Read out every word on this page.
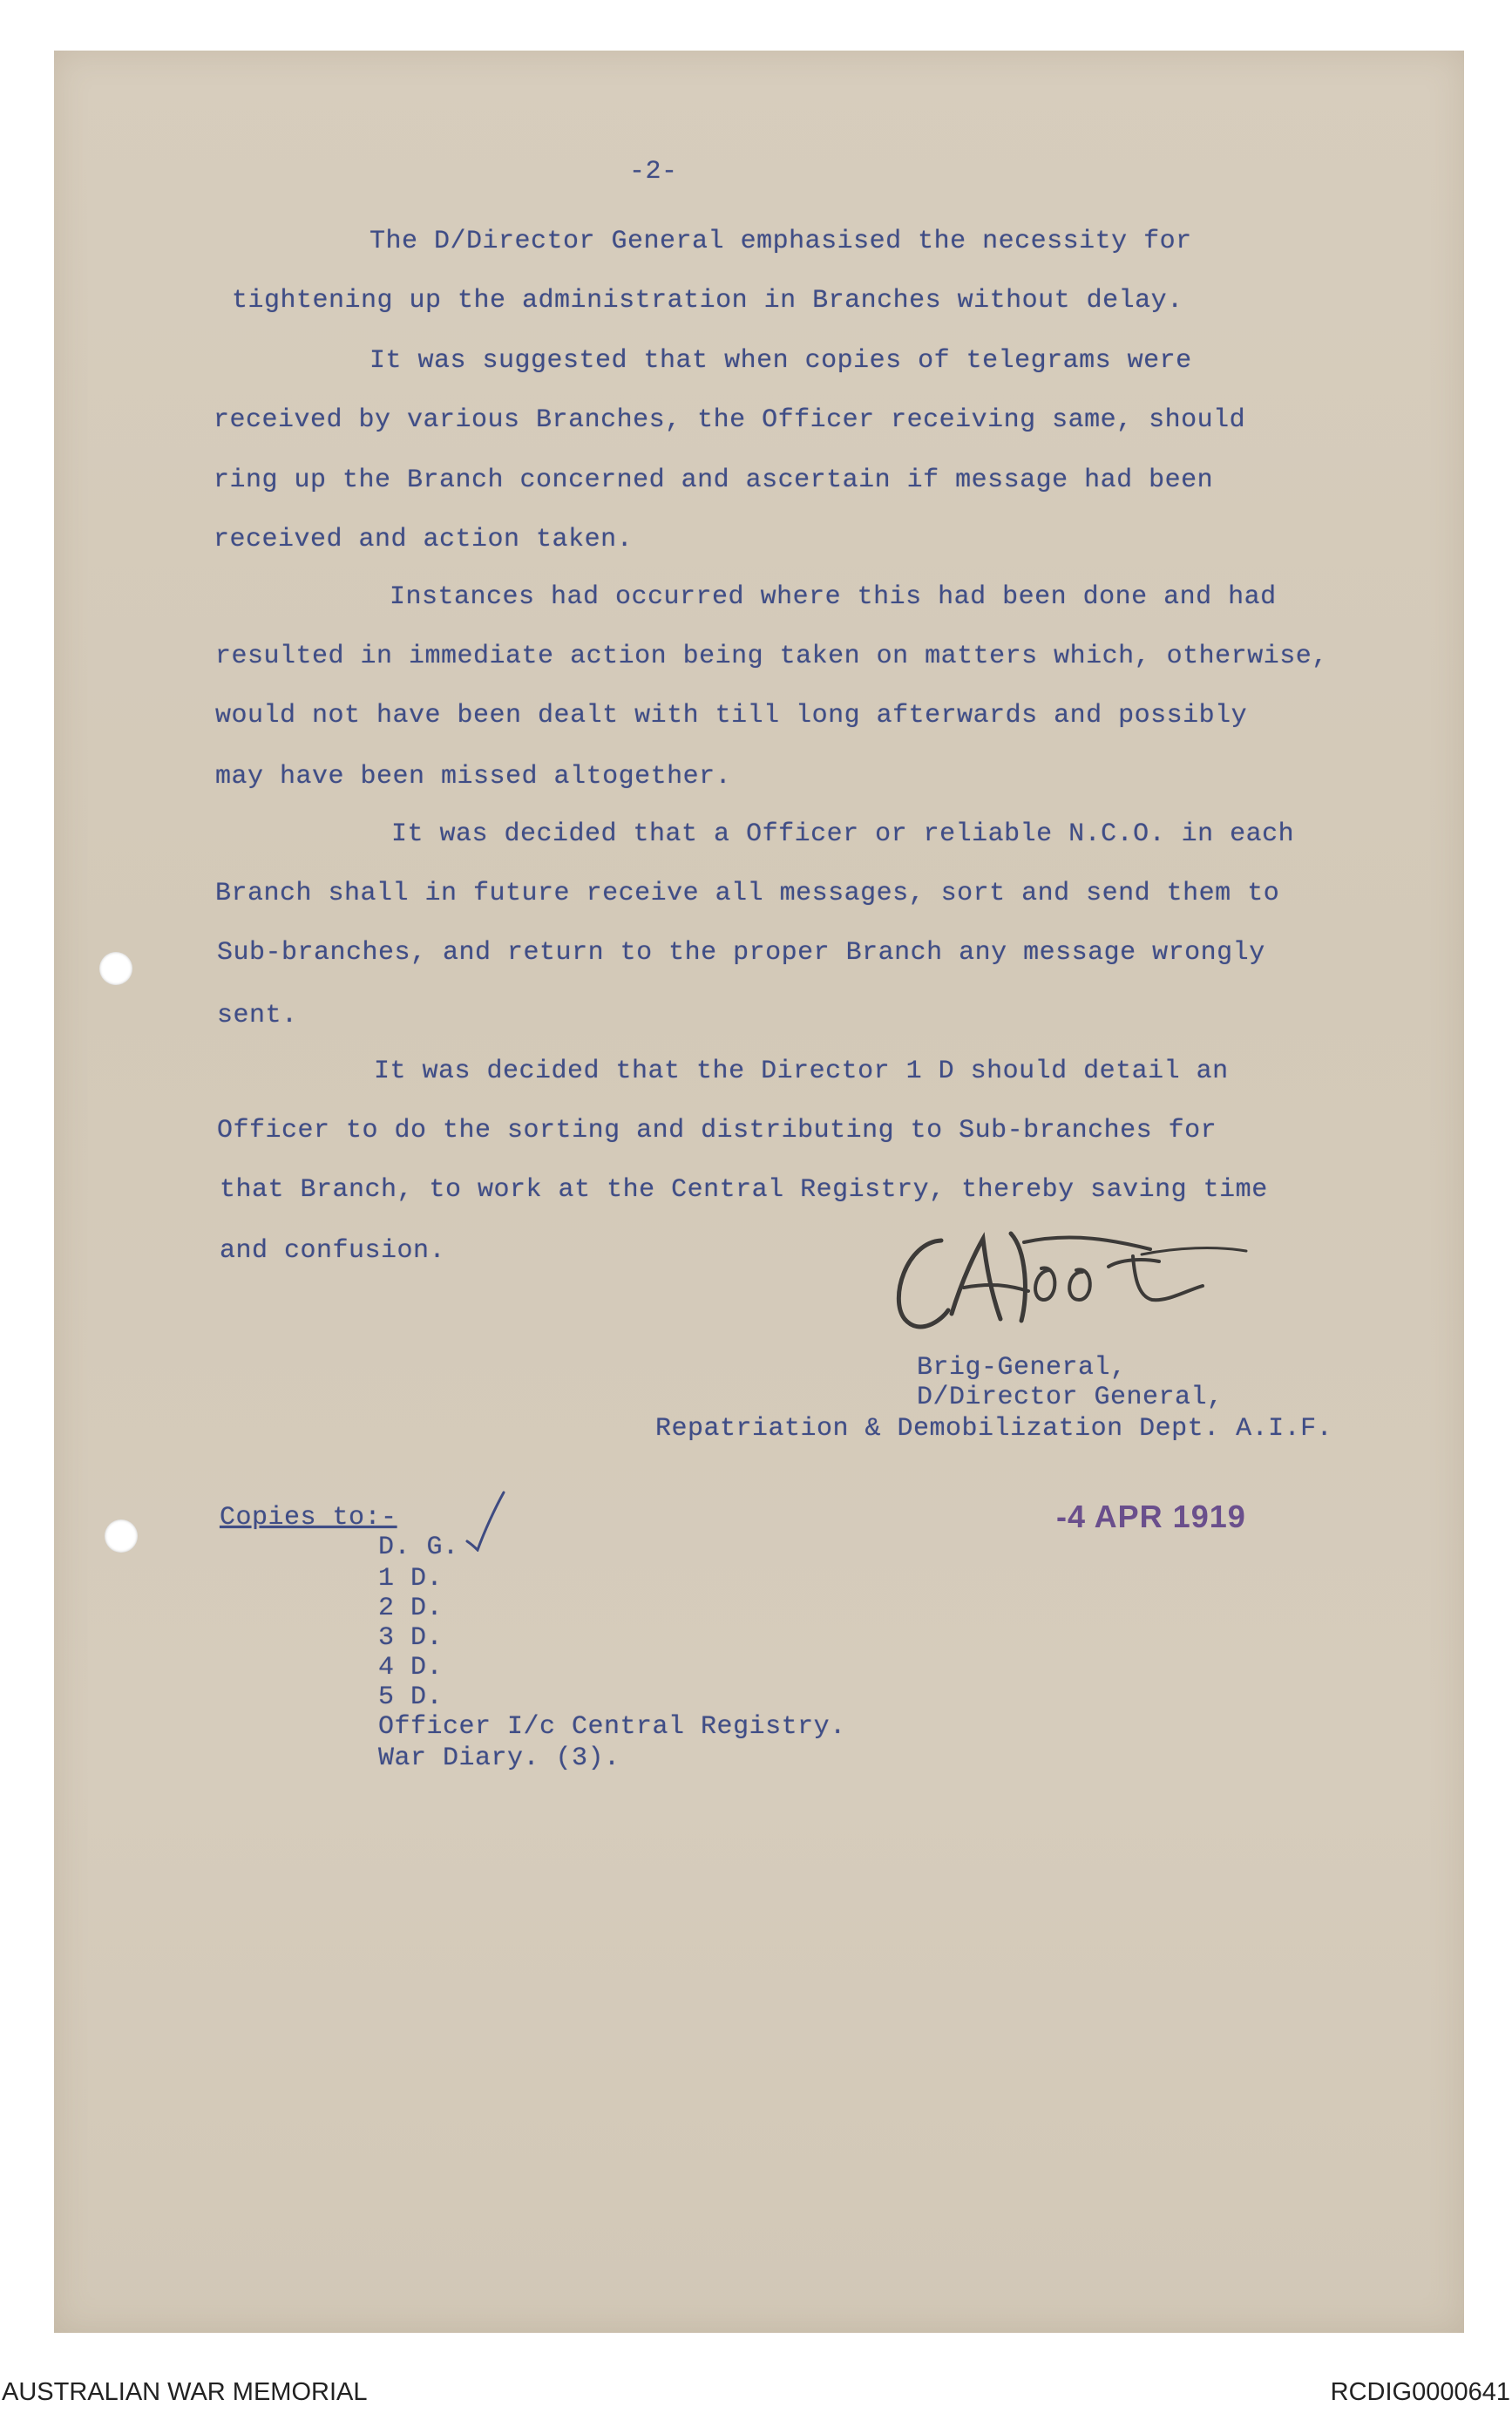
-2-
The D/Director General emphasised the necessity for
tightening up the administration in Branches without delay.
It was suggested that when copies of telegrams were
received by various Branches, the Officer receiving same, should
ring up the Branch concerned and ascertain if message had been
received and action taken.
Instances had occurred where this had been done and had
resulted in immediate action being taken on matters which, otherwise,
would not have been dealt with till long afterwards and possibly
may have been missed altogether.
It was decided that a Officer or reliable N.C.O. in each
Branch shall in future receive all messages, sort and send them to
Sub-branches, and return to the proper Branch any message wrongly
sent.
It was decided that the Director 1 D should detail an
Officer to do the sorting and distributing to Sub-branches for
that Branch, to work at the Central Registry, thereby saving time
and confusion.
Brig-General,
D/Director General,
Repatriation & Demobilization Dept. A.I.F.
-4 APR 1919
Copies to:-
D. G.
1 D.
2 D.
3 D.
4 D.
5 D.
Officer I/c Central Registry.
War Diary. (3).
AUSTRALIAN WAR MEMORIAL	RCDIG0000641
